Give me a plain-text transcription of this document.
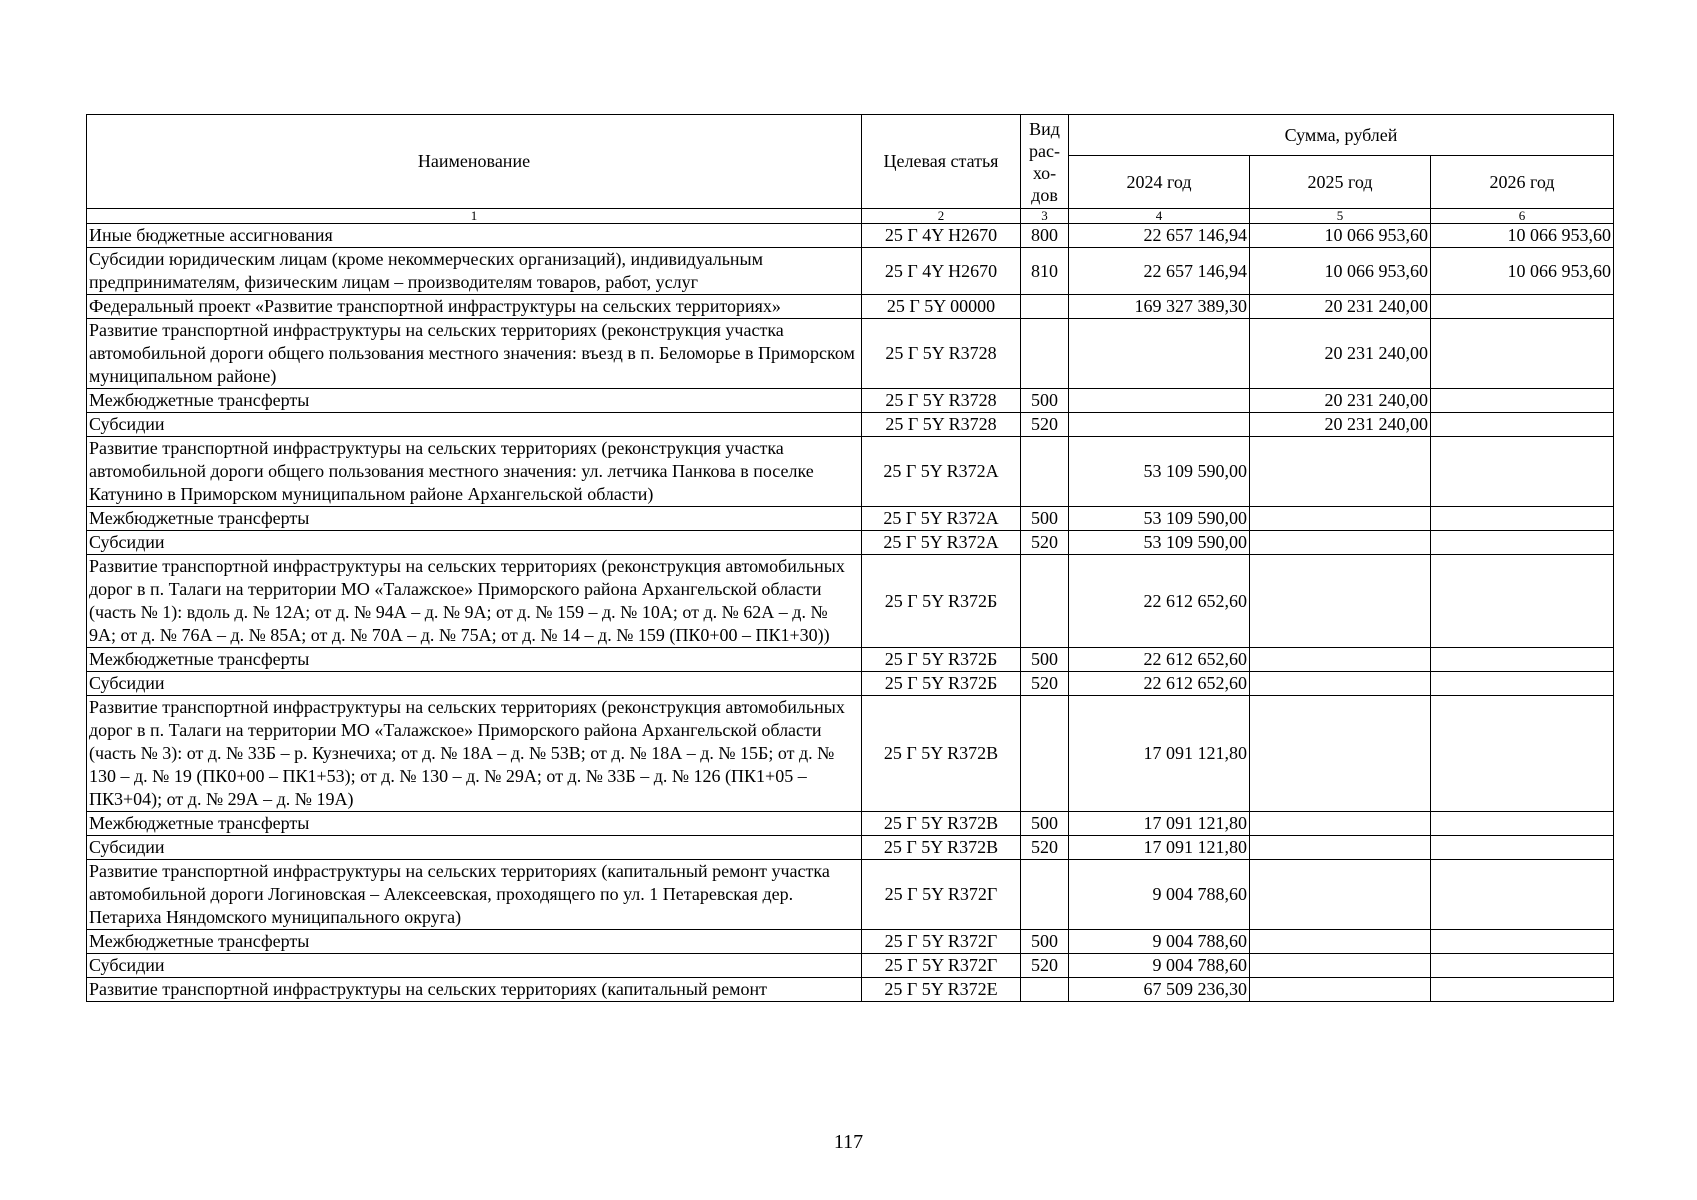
Наименование	Целевая статья	Вид рас-хо-дов	Сумма, рублей		
			2024 год	2025 год	2026 год
1	2	3	4	5	6
Иные бюджетные ассигнования	25 Г 4Y H2670	800	22 657 146,94	10 066 953,60	10 066 953,60
Субсидии юридическим лицам (кроме некоммерческих организаций), индивидуальным предпринимателям, физическим лицам – производителям товаров, работ, услуг	25 Г 4Y H2670	810	22 657 146,94	10 066 953,60	10 066 953,60
Федеральный проект «Развитие транспортной инфраструктуры на сельских территориях»	25 Г 5Y 00000		169 327 389,30	20 231 240,00	
Развитие транспортной инфраструктуры на сельских территориях (реконструкция участка автомобильной дороги общего пользования местного значения: въезд в п. Беломорье в Приморском муниципальном районе)	25 Г 5Y R3728			20 231 240,00	
Межбюджетные трансферты	25 Г 5Y R3728	500		20 231 240,00	
Субсидии	25 Г 5Y R3728	520		20 231 240,00	
Развитие транспортной инфраструктуры на сельских территориях (реконструкция участка автомобильной дороги общего пользования местного значения: ул. летчика Панкова в поселке Катунино в Приморском муниципальном районе Архангельской области)	25 Г 5Y R372А		53 109 590,00		
Межбюджетные трансферты	25 Г 5Y R372А	500	53 109 590,00		
Субсидии	25 Г 5Y R372А	520	53 109 590,00		
Развитие транспортной инфраструктуры на сельских территориях (реконструкция автомобильных дорог в п. Талаги на территории МО «Талажское» Приморского района Архангельской области (часть № 1): вдоль д. № 12А; от д. № 94А – д. № 9А; от д. № 159 – д. № 10А; от д. № 62А – д. № 9А; от д. № 76А – д. № 85А; от д. № 70А – д. № 75А; от д. № 14 – д. № 159 (ПК0+00 – ПК1+30))	25 Г 5Y R372Б		22 612 652,60		
Межбюджетные трансферты	25 Г 5Y R372Б	500	22 612 652,60		
Субсидии	25 Г 5Y R372Б	520	22 612 652,60		
Развитие транспортной инфраструктуры на сельских территориях (реконструкция автомобильных дорог в п. Талаги на территории МО «Талажское» Приморского района Архангельской области (часть № 3): от д. № 33Б – р. Кузнечиха; от д. № 18А – д. № 53В; от д. № 18А – д. № 15Б; от д. № 130 – д. № 19 (ПК0+00 – ПК1+53); от д. № 130 – д. № 29А; от д. № 33Б – д. № 126 (ПК1+05 – ПК3+04); от д. № 29А – д. № 19А)	25 Г 5Y R372В		17 091 121,80		
Межбюджетные трансферты	25 Г 5Y R372В	500	17 091 121,80		
Субсидии	25 Г 5Y R372В	520	17 091 121,80		
Развитие транспортной инфраструктуры на сельских территориях (капитальный ремонт участка автомобильной дороги Логиновская – Алексеевская, проходящего по ул. 1 Петаревская дер. Петариха Няндомского муниципального округа)	25 Г 5Y R372Г		9 004 788,60		
Межбюджетные трансферты	25 Г 5Y R372Г	500	9 004 788,60		
Субсидии	25 Г 5Y R372Г	520	9 004 788,60		
Развитие транспортной инфраструктуры на сельских территориях (капитальный ремонт	25 Г 5Y R372Е		67 509 236,30		
117
